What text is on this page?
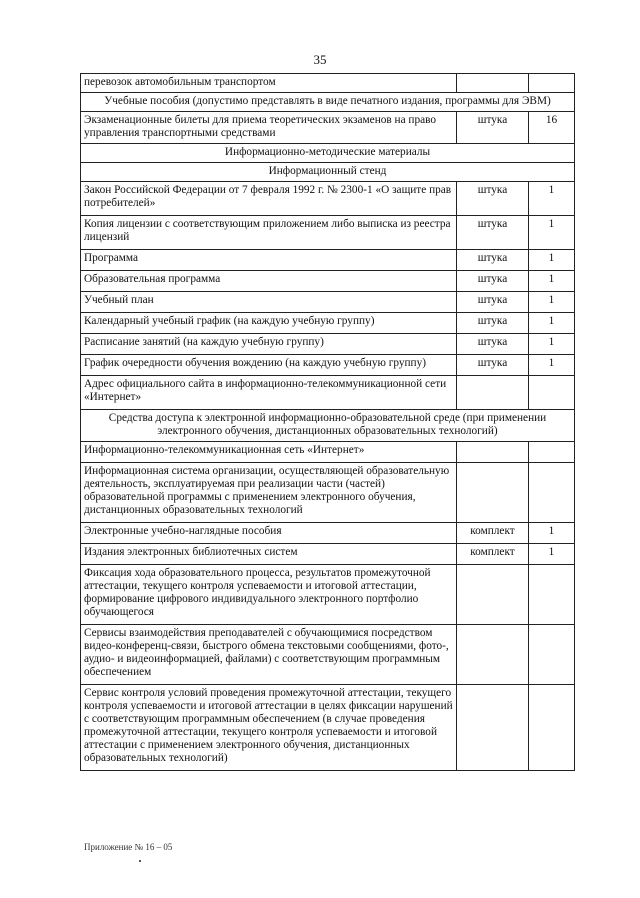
35
перевозок автомобильным транспортом		
Учебные пособия (допустимо представлять в виде печатного издания, программы для ЭВМ)		
Экзаменационные билеты для приема теоретических экзаменов на право управления транспортными средствами	штука	16
Информационно-методические материалы		
Информационный стенд		
Закон Российской Федерации от 7 февраля 1992 г. № 2300-1 «О защите прав потребителей»	штука	1
Копия лицензии с соответствующим приложением либо выписка из реестра лицензий	штука	1
Программа	штука	1
Образовательная программа	штука	1
Учебный план	штука	1
Календарный учебный график (на каждую учебную группу)	штука	1
Расписание занятий (на каждую учебную группу)	штука	1
График очередности обучения вождению (на каждую учебную группу)	штука	1
Адрес официального сайта в информационно-телекоммуникационной сети «Интернет»		
Средства доступа к электронной информационно-образовательной среде (при применении электронного обучения, дистанционных образовательных технологий)		
Информационно-телекоммуникационная сеть «Интернет»		
Информационная система организации, осуществляющей образовательную деятельность, эксплуатируемая при реализации части (частей) образовательной программы с применением электронного обучения, дистанционных образовательных технологий		
Электронные учебно-наглядные пособия	комплект	1
Издания электронных библиотечных систем	комплект	1
Фиксация хода образовательного процесса, результатов промежуточной аттестации, текущего контроля успеваемости и итоговой аттестации, формирование цифрового индивидуального электронного портфолио обучающегося		
Сервисы взаимодействия преподавателей с обучающимися посредством видео-конференц-связи, быстрого обмена текстовыми сообщениями, фото-, аудио- и видеоинформацией, файлами) с соответствующим программным обеспечением		
Сервис контроля условий проведения промежуточной аттестации, текущего контроля успеваемости и итоговой аттестации в целях фиксации нарушений с соответствующим программным обеспечением (в случае проведения промежуточной аттестации, текущего контроля успеваемости и итоговой аттестации с применением электронного обучения, дистанционных образовательных технологий)		
Приложение № 16 – 05
